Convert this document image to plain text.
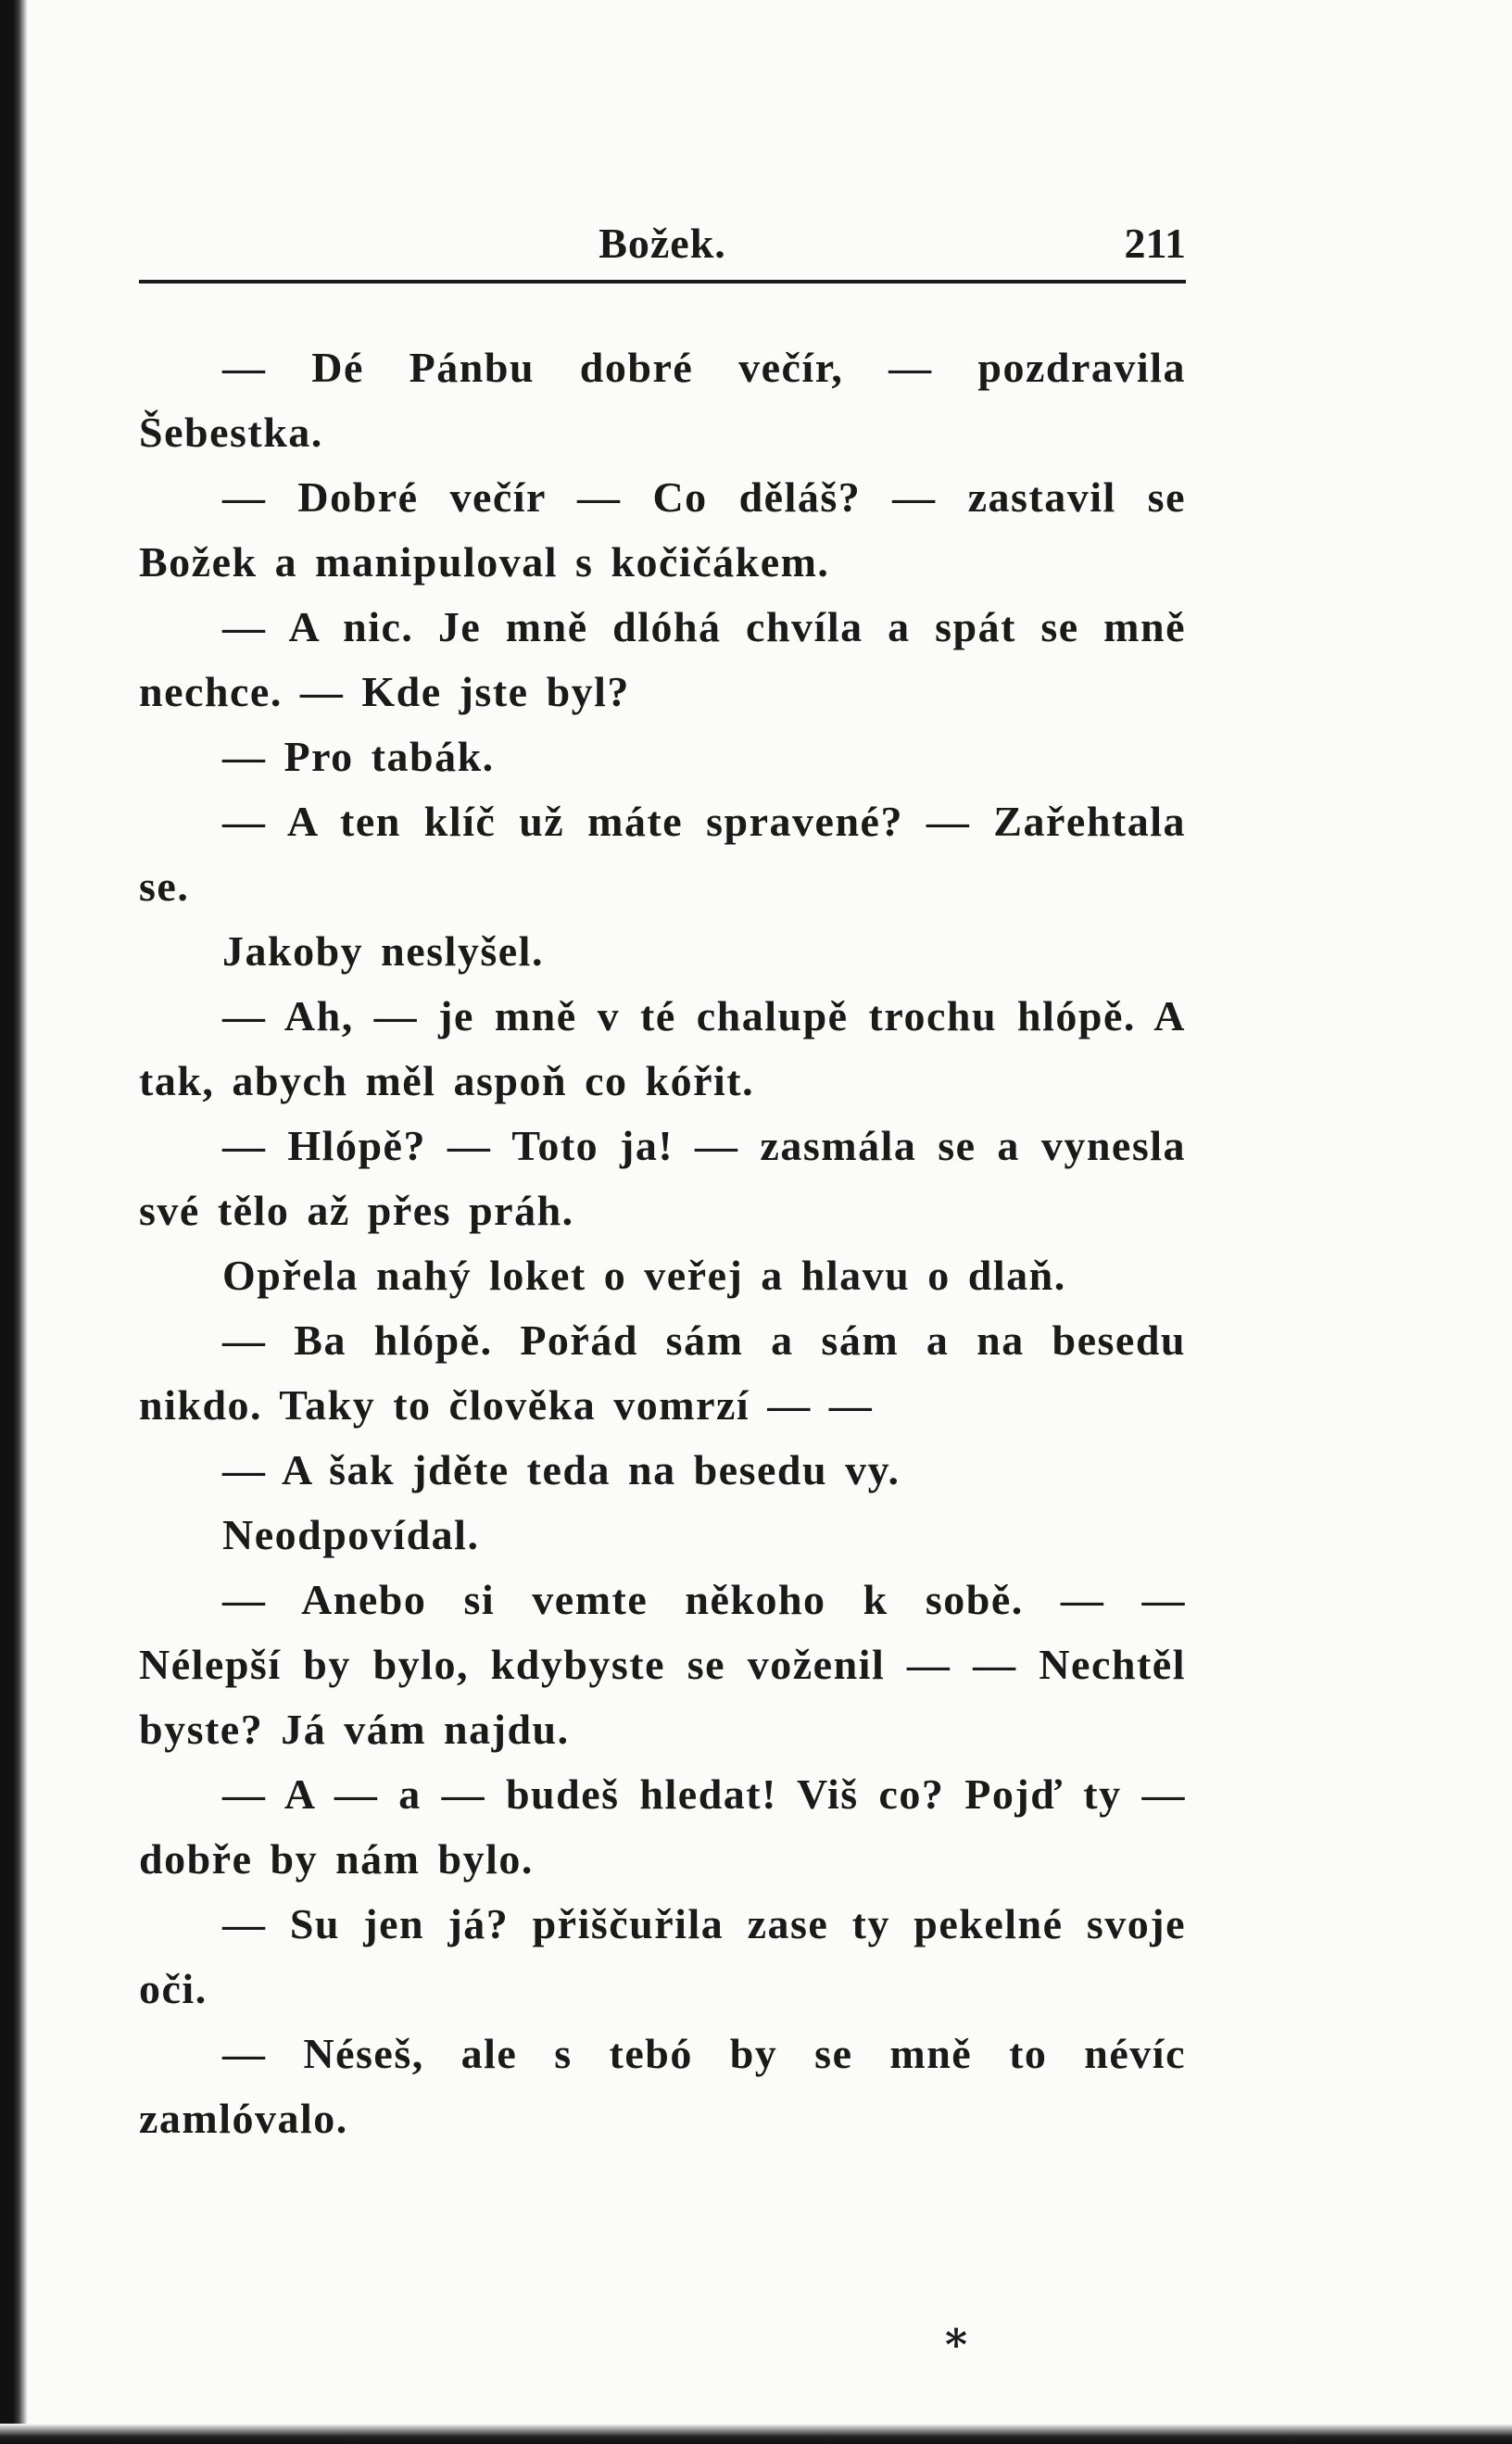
Božek.	211

— Dé Pánbu dobré večír, — pozdravila Šebestka.

— Dobré večír — Co děláš? — zastavil se Božek a manipuloval s kočičákem.

— A nic. Je mně dlóhá chvíla a spát se mně nechce. — Kde jste byl?

— Pro tabák.

— A ten klíč už máte spravené? — Zařehtala se.

Jakoby neslyšel.

— Ah, — je mně v té chalupě trochu hlópě. A tak, abych měl aspoň co kóřit.

— Hlópě? — Toto ja! — zasmála se a vynesla své tělo až přes práh.

Opřela nahý loket o veřej a hlavu o dlaň.

— Ba hlópě. Pořád sám a sám a na besedu nikdo. Taky to člověka vomrzí — —

— A šak jděte teda na besedu vy.

Neodpovídal.

— Anebo si vemte někoho k sobě. — — Nélepší by bylo, kdybyste se voženil — — Nechtěl byste? Já vám najdu.

— A — a — budeš hledat! Viš co? Pojď ty — dobře by nám bylo.

— Su jen já? přiščuřila zase ty pekelné svoje oči.

— Néseš, ale s tebó by se mně to névíc zamlóvalo.

*
